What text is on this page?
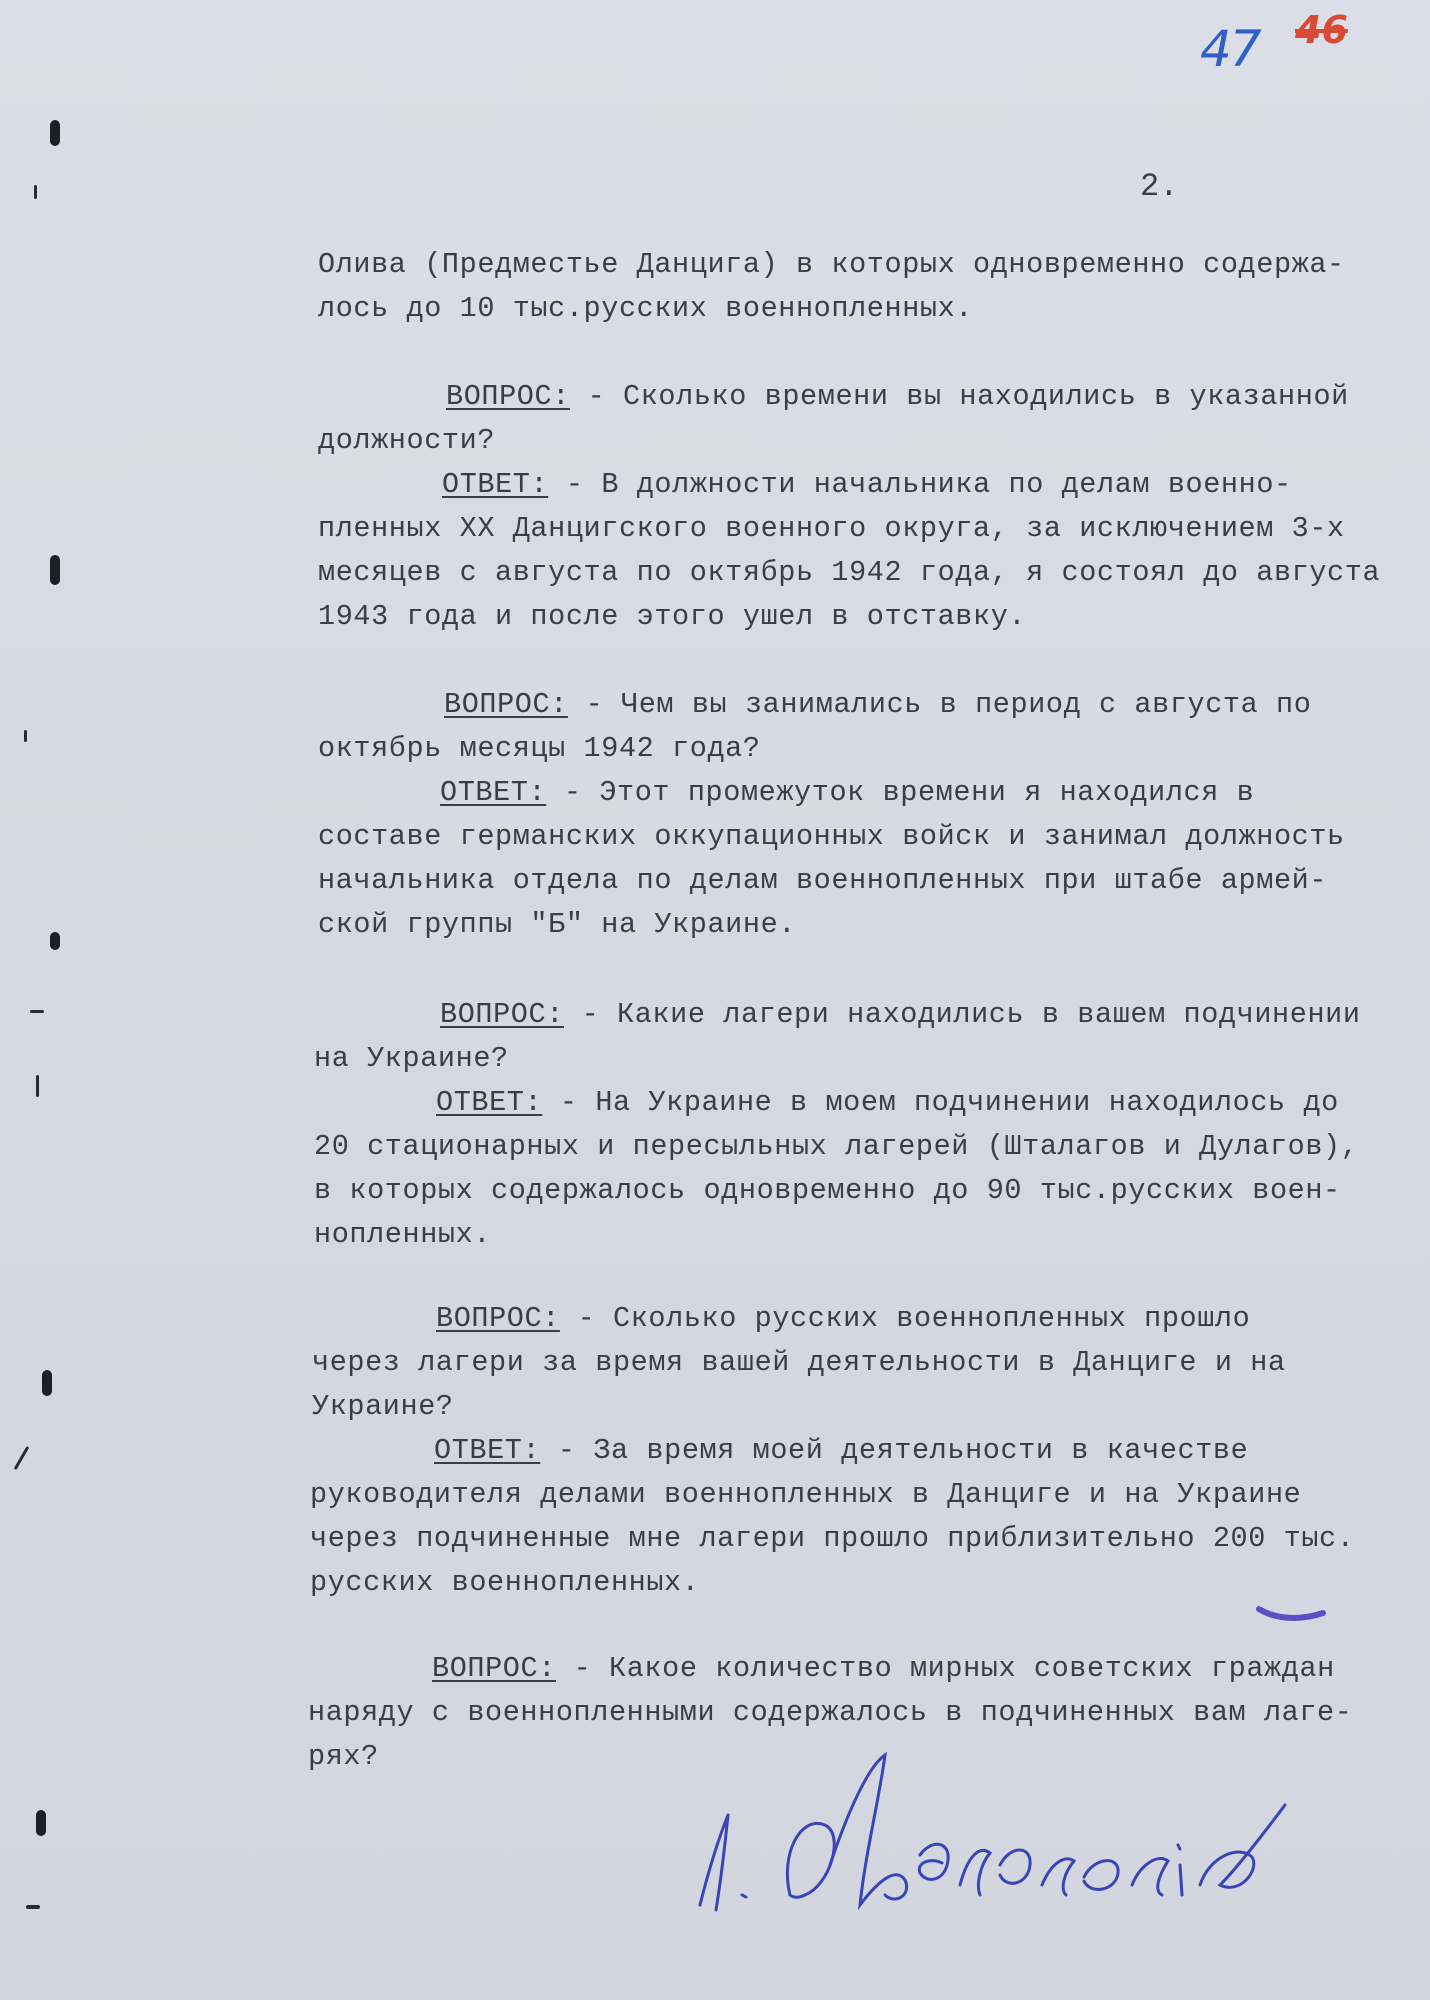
47 46
2.
Олива (Предместье Данцига) в которых одновременно содержа-
лось до 10 тыс.русских военнопленных.
ВОПРОС: - Сколько времени вы находились в указанной
должности?
ОТВЕТ: - В должности начальника по делам военно-
пленных ХХ Данцигского военного округа, за исключением 3-х
месяцев с августа по октябрь 1942 года, я состоял до августа
1943 года и после этого ушел в отставку.
ВОПРОС: - Чем вы занимались в период с августа по
октябрь месяцы 1942 года?
ОТВЕТ: - Этот промежуток времени я находился в
составе германских оккупационных войск и занимал должность
начальника отдела по делам военнопленных при штабе армей-
ской группы "Б" на Украине.
ВОПРОС: - Какие лагери находились в вашем подчинении
на Украине?
ОТВЕТ: - На Украине в моем подчинении находилось до
20 стационарных и пересыльных лагерей (Шталагов и Дулагов),
в которых содержалось одновременно до 90 тыс.русских воен-
нопленных.
ВОПРОС: - Сколько русских военнопленных прошло
через лагери за время вашей деятельности в Данциге и на
Украине?
ОТВЕТ: - За время моей деятельности в качестве
руководителя делами военнопленных в Данциге и на Украине
через подчиненные мне лагери прошло приблизительно 200 тыс.
русских военнопленных.
ВОПРОС: - Какое количество мирных советских граждан
наряду с военнопленными содержалось в подчиненных вам лаге-
рях?
